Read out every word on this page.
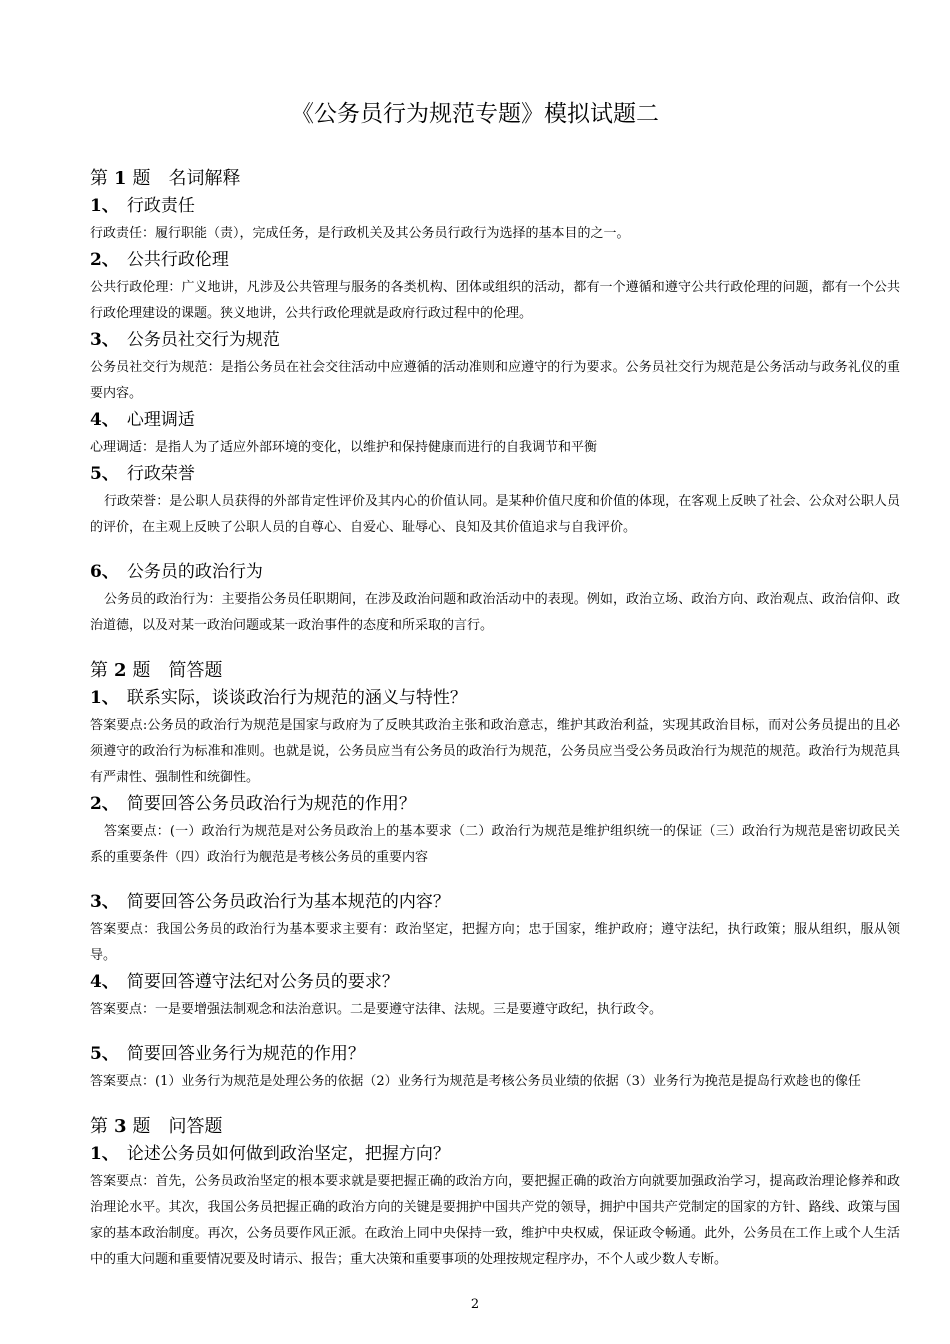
《公务员行为规范专题》模拟试题二
第 1 题 名词解释
1、 行政责任

行政责任：履行职能（责），完成任务，是行政机关及其公务员行政行为选择的基本目的之一。

2、 公共行政伦理

公共行政伦理：广义地讲，凡涉及公共管理与服务的各类机构、团体或组织的活动，都有一个遵循和遵守公共行政伦理的问题，都有一个公共行政伦理建设的课题。狭义地讲，公共行政伦理就是政府行政过程中的伦理。

3、 公务员社交行为规范

公务员社交行为规范：是指公务员在社会交往活动中应遵循的活动准则和应遵守的行为要求。公务员社交行为规范是公务活动与政务礼仪的重要内容。

4、 心理调适

心理调适：是指人为了适应外部环境的变化，以维护和保持健康而进行的自我调节和平衡

5、 行政荣誉

行政荣誉：是公职人员获得的外部肯定性评价及其内心的价值认同。是某种价值尺度和价值的体现，在客观上反映了社会、公众对公职人员的评价，在主观上反映了公职人员的自尊心、自爱心、耻辱心、良知及其价值追求与自我评价。

6、 公务员的政治行为

公务员的政治行为：主要指公务员任职期间，在涉及政治问题和政治活动中的表现。例如，政治立场、政治方向、政治观点、政治信仰、政治道德，以及对某一政治问题或某一政治事件的态度和所采取的言行。

第 2 题 简答题
1、 联系实际，谈谈政治行为规范的涵义与特性？

答案要点:公务员的政治行为规范是国家与政府为了反映其政治主张和政治意志，维护其政治利益，实现其政治目标，而对公务员提出的且必须遵守的政治行为标准和准则。也就是说，公务员应当有公务员的政治行为规范，公务员应当受公务员政治行为规范的规范。政治行为规范具有严肃性、强制性和统御性。

2、 简要回答公务员政治行为规范的作用？

答案要点：(一）政治行为规范是对公务员政治上的基本要求（二）政治行为规范是维护组织统一的保证（三）政治行为规范是密切政民关系的重要条件（四）政治行为舰范是考核公务员的重要内容

3、 简要回答公务员政治行为基本规范的内容？

答案要点：我国公务员的政治行为基本要求主要有：政治坚定，把握方向；忠于国家，维护政府；遵守法纪，执行政策；服从组织，服从领导。

4、 简要回答遵守法纪对公务员的要求？

答案要点：一是要增强法制观念和法治意识。二是要遵守法律、法规。三是要遵守政纪，执行政令。

5、 简要回答业务行为规范的作用？

答案要点：(1）业务行为规范是处理公务的依据（2）业务行为规范是考核公务员业绩的依据（3）业务行为挽范是提岛行欢趁也的像任

第 3 题 问答题
1、 论述公务员如何做到政治坚定，把握方向？

答案要点：首先，公务员政治坚定的根本要求就是要把握正确的政治方向，要把握正确的政治方向就要加强政治学习，提高政治理论修养和政治理论水平。其次，我国公务员把握正确的政治方向的关键是要拥护中国共产党的领导，拥护中国共产党制定的国家的方针、路线、政策与国家的基本政治制度。再次，公务员要作风正派。在政治上同中央保持一致，维护中央权威，保证政令畅通。此外，公务员在工作上或个人生活中的重大问题和重要情况要及时请示、报告；重大决策和重要事项的处理按规定程序办，不个人或少数人专断。

2
